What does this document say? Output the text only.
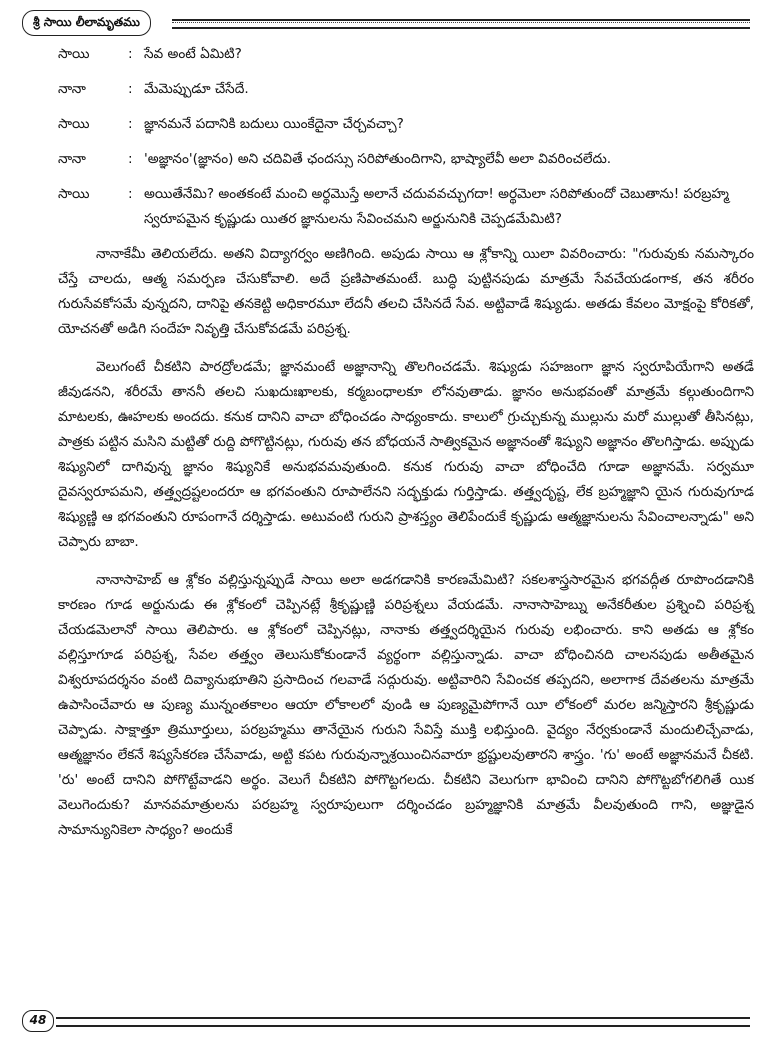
శ్రీ సాయి లీలామృతము
సాయి	: సేవ అంటే ఏమిటి?
నానా	: మేమెప్పుడూ చేసేదే.
సాయి	: జ్ఞానమనే పదానికి బదులు యింకేదైనా చేర్చవచ్చా?
నానా	: 'అజ్ఞానం'(జ్ఞానం) అని చదివితే ఛందస్సు సరిపోతుందిగాని, భాష్యాలేవీ అలా వివరించలేదు.
సాయి	: అయితేనేమి? అంతకంటే మంచి అర్థమొస్తే అలానే చదువవచ్చుగదా! అర్థమెలా సరిపోతుందో చెబుతాను! పరబ్రహ్మ స్వరూపమైన కృష్ణుడు యితర జ్ఞానులను సేవించమని అర్జునునికి చెప్పడమేమిటి?

నానాకేమీ తెలియలేదు. అతని విద్యాగర్వం అణిగింది. అపుడు సాయి ఆ శ్లోకాన్ని యిలా వివరించారు: "గురువుకు నమస్కారం చేస్తే చాలదు, ఆత్మ సమర్పణ చేసుకోవాలి. అదే ప్రణిపాతమంటే. బుద్ధి పుట్టినపుడు మాత్రమే సేవచేయడంగాక, తన శరీరం గురుసేవకోసమే వున్నదని, దానిపై తనకెట్టి అధికారమూ లేదనీ తలచి చేసినదే సేవ. అట్టివాడే శిష్యుడు. అతడు కేవలం మోక్షంపై కోరికతో, యోచనతో అడిగి సందేహ నివృత్తి చేసుకోవడమే పరిప్రశ్న.

వెలుగంటే చీకటిని పారద్రోలడమే; జ్ఞానమంటే అజ్ఞానాన్ని తొలగించడమే. శిష్యుడు సహజంగా జ్ఞాన స్వరూపియేగాని అతడే జీవుడనని, శరీరమే తాననీ తలచి సుఖదుఃఖాలకు, కర్మబంధాలకూ లోనవుతాడు. జ్ఞానం అనుభవంతో మాత్రమే కల్గుతుందిగాని మాటలకు, ఊహలకు అందదు. కనుక దానిని వాచా బోధించడం సాధ్యంకాదు. కాలులో గ్రుచ్చుకున్న ముల్లును మరో ముల్లుతో తీసినట్లు, పాత్రకు పట్టిన మసిని మట్టితో రుద్ది పోగొట్టినట్లు, గురువు తన బోధయనే సాత్వికమైన అజ్ఞానంతో శిష్యుని అజ్ఞానం తొలగిస్తాడు. అప్పుడు శిష్యునిలో దాగివున్న జ్ఞానం శిష్యునికే అనుభవమవుతుంది. కనుక గురువు వాచా బోధించేది గూడా అజ్ఞానమే. సర్వమూ దైవస్వరూపమని, తత్త్వద్రష్టలందరూ ఆ భగవంతుని రూపాలేనని సద్భక్తుడు గుర్తిస్తాడు. తత్త్వదృష్ట, లేక బ్రహ్మజ్ఞాని యైన గురువుగూడ శిష్యుణ్ణి ఆ భగవంతుని రూపంగానే దర్శిస్తాడు. అటువంటి గురుని ప్రాశస్త్యం తెలిపేందుకే కృష్ణుడు ఆత్మజ్ఞానులను సేవించాలన్నాడు" అని చెప్పారు బాబా.

నానాసాహెబ్ ఆ శ్లోకం వల్లిస్తున్నప్పుడే సాయి అలా అడగడానికి కారణమేమిటి? సకలశాస్త్రసారమైన భగవద్గీత రూపొందడానికి కారణం గూడ అర్జునుడు ఈ శ్లోకంలో చెప్పినట్లే శ్రీకృష్ణుణ్ణి పరిప్రశ్నలు వేయడమే. నానాసాహెబ్ను అనేకరీతుల ప్రశ్నించి పరిప్రశ్న చేయడమెలానో సాయి తెలిపారు. ఆ శ్లోకంలో చెప్పినట్లు, నానాకు తత్త్వదర్శియైన గురువు లభించారు. కాని అతడు ఆ శ్లోకం వల్లిస్తూగూడ పరిప్రశ్న, సేవల తత్త్వం తెలుసుకోకుండానే వ్యర్థంగా వల్లిస్తున్నాడు. వాచా బోధించినది చాలనపుడు అతీతమైన విశ్వరూపదర్శనం వంటి దివ్యానుభూతిని ప్రసాదించ గలవాడే సద్గురువు. అట్టివారిని సేవించక తప్పదని, అలాగాక దేవతలను మాత్రమే ఉపాసించేవారు ఆ పుణ్య మున్నంతకాలం ఆయా లోకాలలో వుండి ఆ పుణ్యమైపోగానే యీ లోకంలో మరల జన్మిస్తారని శ్రీకృష్ణుడు చెప్పాడు. సాక్షాత్తూ త్రిమూర్తులు, పరబ్రహ్మము తానేయైన గురుని సేవిస్తే ముక్తి లభిస్తుంది. వైద్యం నేర్వకుండానే మందులిచ్చేవాడు, ఆత్మజ్ఞానం లేకనే శిష్యసేకరణ చేసేవాడు, అట్టి కపట గురువున్నాశ్రయించినవారూ భ్రష్టులవుతారని శాస్త్రం. 'గు' అంటే అజ్ఞానమనే చీకటి. 'రు' అంటే దానిని పోగొట్టేవాడని అర్థం. వెలుగే చీకటిని పోగొట్టగలదు. చీకటిని వెలుగుగా భావించి దానిని పోగొట్టబోగలిగితే యిక వెలుగెందుకు? మానవమాత్రులను పరబ్రహ్మ స్వరూపులుగా దర్శించడం బ్రహ్మజ్ఞానికి మాత్రమే వీలవుతుంది గాని, అజ్ఞుడైన సామాన్యునికెలా సాధ్యం? అందుకే

48
